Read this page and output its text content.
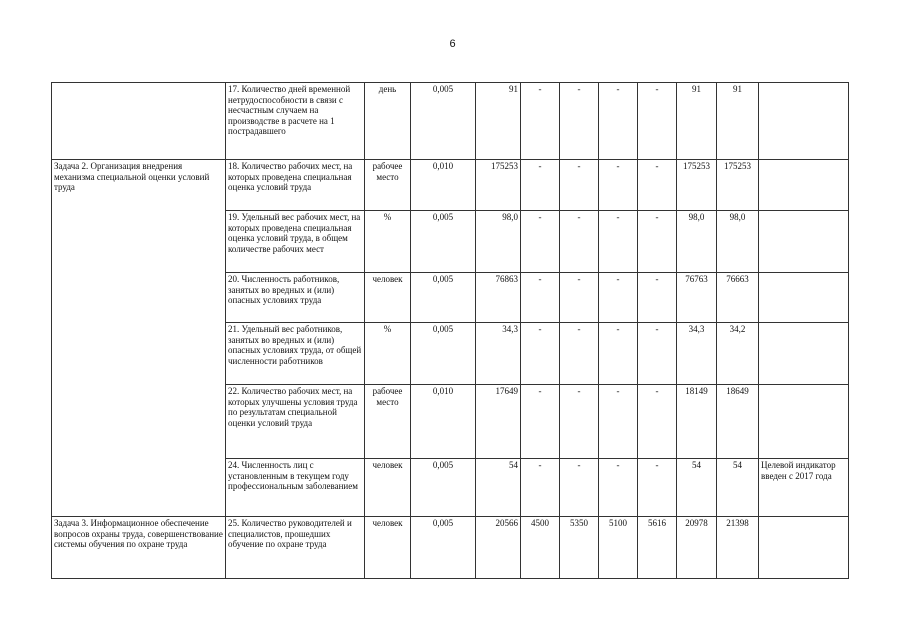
6
	17. Количество дней временной нетрудоспособности в связи с несчастным случаем на производстве в расчете на 1 пострадавшего	день	0,005	91	-	-	-	-	91	91	
Задача 2. Организация внедрения механизма специальной оценки условий труда	18. Количество рабочих мест, на которых проведена специальная оценка условий труда	рабочее место	0,010	175253	-	-	-	-	175253	175253	
	19. Удельный вес рабочих мест, на которых проведена специальная оценка условий труда, в общем количестве рабочих мест	%	0,005	98,0	-	-	-	-	98,0	98,0	
	20. Численность работников, занятых во вредных и (или) опасных условиях труда	человек	0,005	76863	-	-	-	-	76763	76663	
	21. Удельный вес работников, занятых во вредных и (или) опасных условиях труда, от общей численности работников	%	0,005	34,3	-	-	-	-	34,3	34,2	
	22. Количество рабочих мест, на которых улучшены условия труда по результатам специальной оценки условий труда	рабочее место	0,010	17649	-	-	-	-	18149	18649	
	24. Численность лиц с установленным в текущем году профессиональным заболеванием	человек	0,005	54	-	-	-	-	54	54	Целевой индикатор введен с 2017 года
Задача 3. Информационное обеспечение вопросов охраны труда, совершенствование системы обучения по охране труда	25. Количество руководителей и специалистов, прошедших обучение по охране труда	человек	0,005	20566	4500	5350	5100	5616	20978	21398	
